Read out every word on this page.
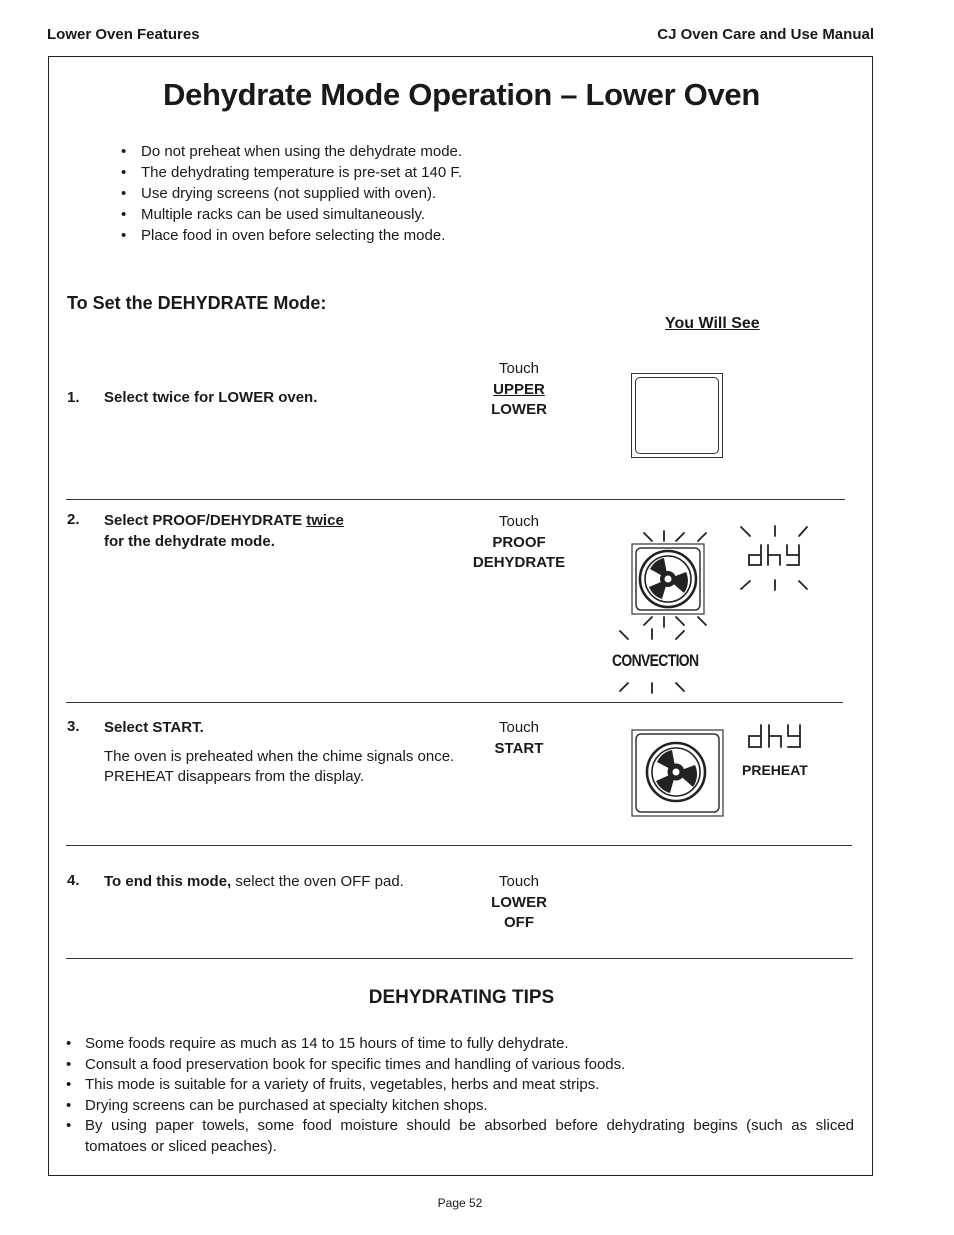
Lower Oven Features	CJ Oven Care and Use Manual
Dehydrate Mode Operation – Lower Oven
• Do not preheat when using the dehydrate mode.
• The dehydrating temperature is pre-set at 140 F.
• Use drying screens (not supplied with oven).
• Multiple racks can be used simultaneously.
• Place food in oven before selecting the mode.
To Set the DEHYDRATE Mode:
You Will See
1. Select twice for LOWER oven.
Touch
UPPER
LOWER
2. Select PROOF/DEHYDRATE twice
for the dehydrate mode.
Touch
PROOF
DEHYDRATE
CONVECTION
3. Select START.
The oven is preheated when the chime signals once. PREHEAT disappears from the display.
Touch
START
PREHEAT
4. To end this mode, select the oven OFF pad.	Touch
LOWER
OFF
DEHYDRATING TIPS
• Some foods require as much as 14 to 15 hours of time to fully dehydrate.
• Consult a food preservation book for specific times and handling of various foods.
• This mode is suitable for a variety of fruits, vegetables, herbs and meat strips.
• Drying screens can be purchased at specialty kitchen shops.
• By using paper towels, some food moisture should be absorbed before dehydrating begins (such as sliced tomatoes or sliced peaches).
Page 52
